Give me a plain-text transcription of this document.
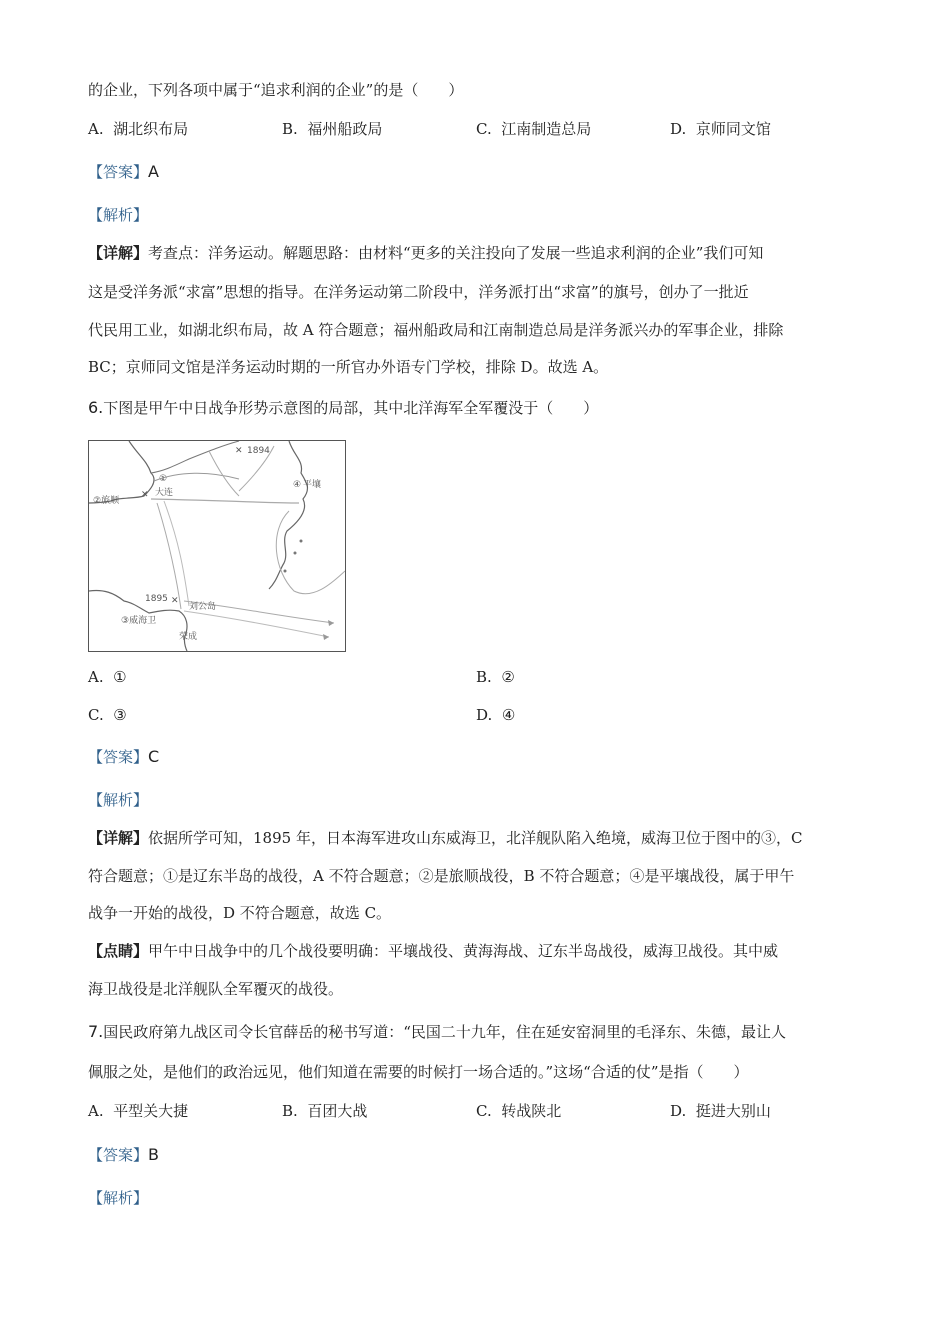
的企业，下列各项中属于“追求利润的企业”的是（　　）
A. 湖北织布局	B. 福州船政局	C. 江南制造总局	D. 京师同文馆
【答案】A
【解析】
【详解】考查点：洋务运动。解题思路：由材料“更多的关注投向了发展一些追求利润的企业”我们可知
这是受洋务派“求富”思想的指导。在洋务运动第二阶段中，洋务派打出“求富”的旗号，创办了一批近
代民用工业，如湖北织布局，故 A 符合题意；福州船政局和江南制造总局是洋务派兴办的军事企业，排除
BC；京师同文馆是洋务运动时期的一所官办外语专门学校，排除 D。故选 A。
6.下图是甲午中日战争形势示意图的局部，其中北洋海军全军覆没于（　　）
✕
✕
✕
1894
①
②旅顺
大连
④ 平壤
1895
刘公岛
③威海卫
荣成
A. ①	B. ②
C. ③	D. ④
【答案】C
【解析】
【详解】依据所学可知，1895 年，日本海军进攻山东威海卫，北洋舰队陷入绝境，威海卫位于图中的③，C
符合题意；①是辽东半岛的战役，A 不符合题意；②是旅顺战役，B 不符合题意；④是平壤战役，属于甲午
战争一开始的战役，D 不符合题意，故选 C。
【点睛】甲午中日战争中的几个战役要明确：平壤战役、黄海海战、辽东半岛战役，威海卫战役。其中威
海卫战役是北洋舰队全军覆灭的战役。
7.国民政府第九战区司令长官薛岳的秘书写道：“民国二十九年，住在延安窑洞里的毛泽东、朱德，最让人
佩服之处，是他们的政治远见，他们知道在需要的时候打一场合适的。”这场“合适的仗”是指（　　）
A. 平型关大捷	B. 百团大战	C. 转战陕北	D. 挺进大别山
【答案】B
【解析】
